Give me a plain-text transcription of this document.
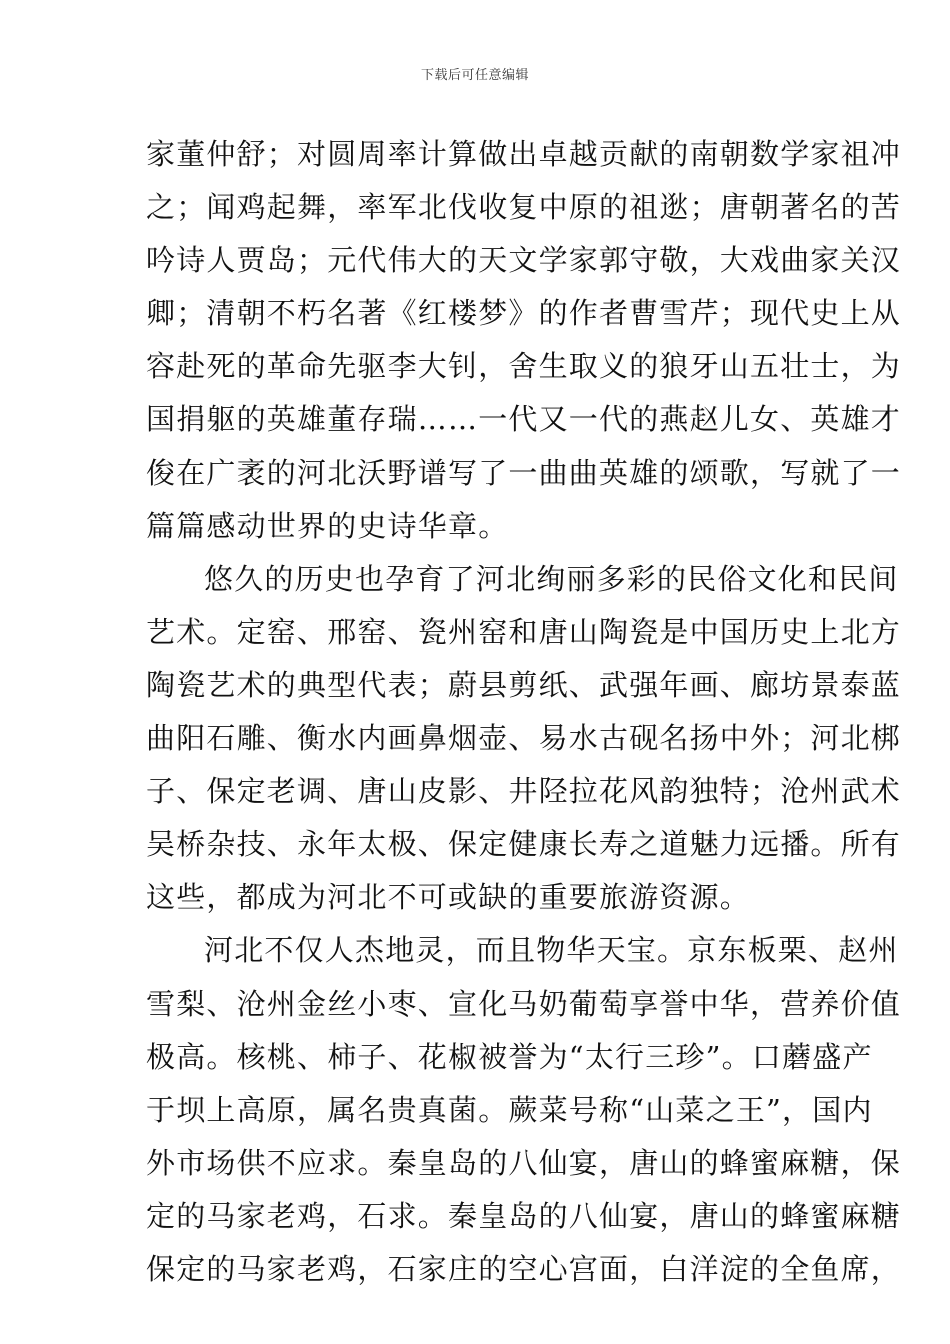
下载后可任意编辑
家董仲舒；对圆周率计算做出卓越贡献的南朝数学家祖冲
之；闻鸡起舞，率军北伐收复中原的祖逖；唐朝著名的苦
吟诗人贾岛；元代伟大的天文学家郭守敬，大戏曲家关汉
卿；清朝不朽名著《红楼梦》的作者曹雪芹；现代史上从
容赴死的革命先驱李大钊，舍生取义的狼牙山五壮士，为
国捐躯的英雄董存瑞……一代又一代的燕赵儿女、英雄才
俊在广袤的河北沃野谱写了一曲曲英雄的颂歌，写就了一
篇篇感动世界的史诗华章。
悠久的历史也孕育了河北绚丽多彩的民俗文化和民间
艺术。定窑、邢窑、瓷州窑和唐山陶瓷是中国历史上北方
陶瓷艺术的典型代表；蔚县剪纸、武强年画、廊坊景泰蓝
曲阳石雕、衡水内画鼻烟壶、易水古砚名扬中外；河北梆
子、保定老调、唐山皮影、井陉拉花风韵独特；沧州武术
吴桥杂技、永年太极、保定健康长寿之道魅力远播。所有
这些，都成为河北不可或缺的重要旅游资源。
河北不仅人杰地灵，而且物华天宝。京东板栗、赵州
雪梨、沧州金丝小枣、宣化马奶葡萄享誉中华，营养价值
极高。核桃、柿子、花椒被誉为“太行三珍”。口蘑盛产
于坝上高原，属名贵真菌。蕨菜号称“山菜之王”，国内
外市场供不应求。秦皇岛的八仙宴，唐山的蜂蜜麻糖，保
定的马家老鸡，石求。秦皇岛的八仙宴，唐山的蜂蜜麻糖
保定的马家老鸡，石家庄的空心宫面，白洋淀的全鱼席，
